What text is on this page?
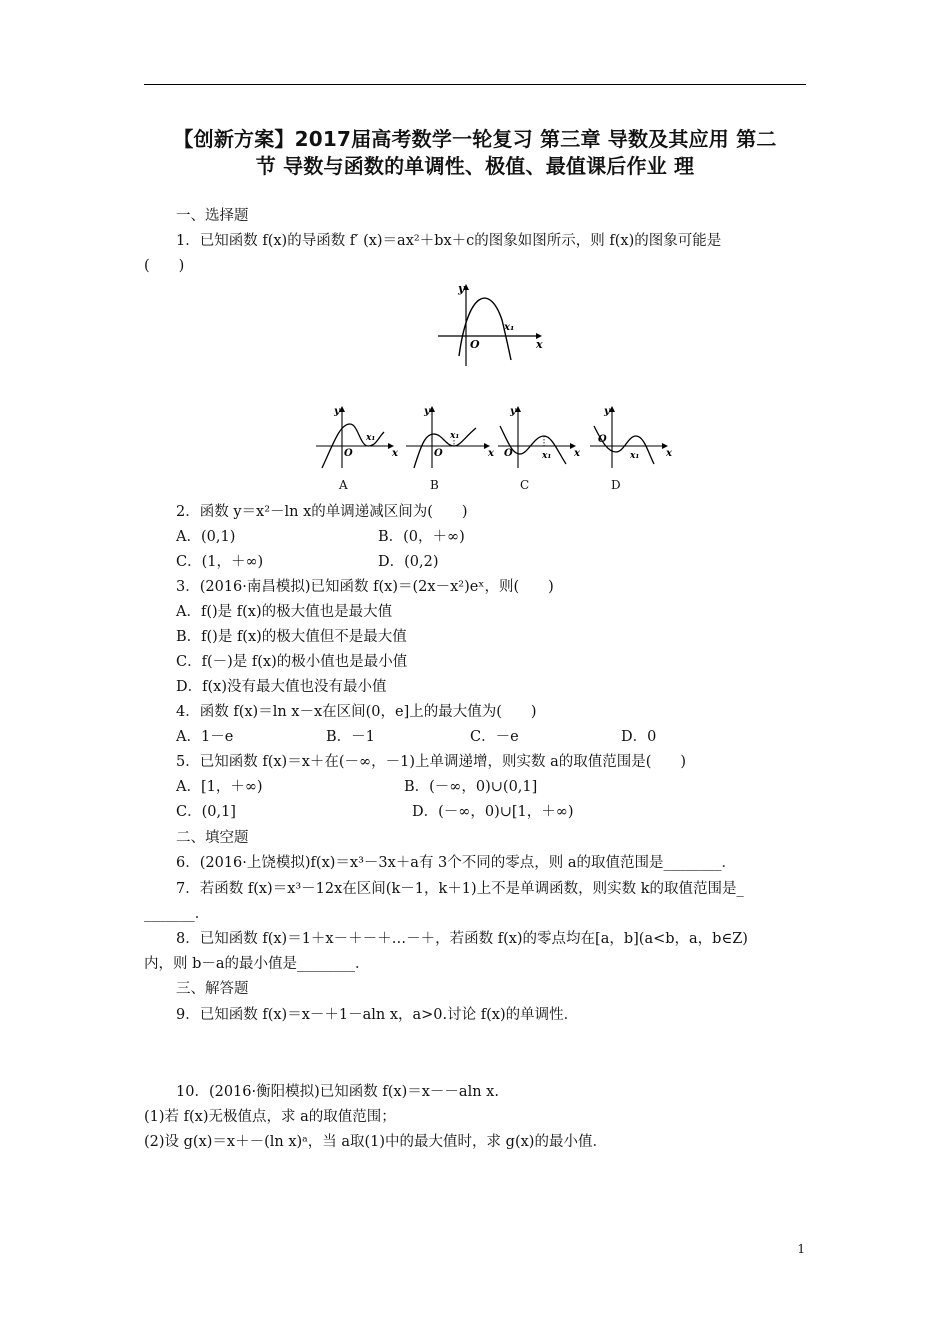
【创新方案】2017届高考数学一轮复习 第三章 导数及其应用 第二
节 导数与函数的单调性、极值、最值课后作业 理
一、选择题
1．已知函数 f(x)的导函数 f′ (x)＝ax²＋bx＋c的图象如图所示，则 f(x)的图象可能是
(　　)
y
x
O
x₁
y
x
O
x₁
A
y
x
O
x₁
B
y
x
O	x₁
C
y
x
O
x₁
D
2．函数 y＝x²－ln x的单调递减区间为(　　)
A．(0,1)	B．(0，＋∞)
C．(1，＋∞)	D．(0,2)
3．(2016·南昌模拟)已知函数 f(x)＝(2x－x²)eˣ，则(　　)
A．f()是 f(x)的极大值也是最大值
B．f()是 f(x)的极大值但不是最大值
C．f(－)是 f(x)的极小值也是最小值
D．f(x)没有最大值也没有最小值
4．函数 f(x)＝ln x－x在区间(0，e]上的最大值为(　　)
A．1－e	B．－1	C．－e	D．0
5．已知函数 f(x)＝x＋在(－∞，－1)上单调递增，则实数 a的取值范围是(　　)
A．[1，＋∞)	B．(－∞，0)∪(0,1]
C．(0,1]	D．(－∞，0)∪[1，＋∞)
二、填空题
6．(2016·上饶模拟)f(x)＝x³－3x＋a有 3个不同的零点，则 a的取值范围是________．
7．若函数 f(x)＝x³－12x在区间(k－1，k＋1)上不是单调函数，则实数 k的取值范围是_
_______．
8．已知函数 f(x)＝1＋x－＋－＋…－＋，若函数 f(x)的零点均在[a，b](a<b，a，b∈Z)
内，则 b－a的最小值是________．
三、解答题
9．已知函数 f(x)＝x－＋1－aln x，a>0.讨论 f(x)的单调性．
10．(2016·衡阳模拟)已知函数 f(x)＝x－－aln x.
(1)若 f(x)无极值点，求 a的取值范围；
(2)设 g(x)＝x＋－(ln x)ᵃ，当 a取(1)中的最大值时，求 g(x)的最小值．
1
